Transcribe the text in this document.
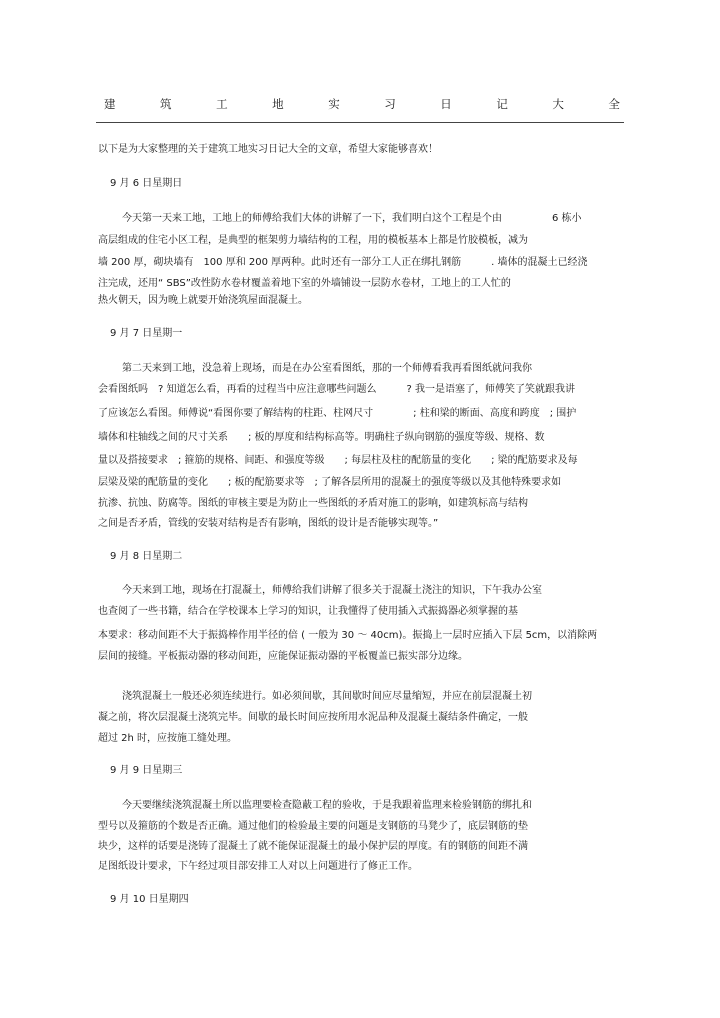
建	筑	工	地	实	习	日	记	大	全
以下是为大家整理的关于建筑工地实习日记大全的文章，希望大家能够喜欢！
9 月 6 日星期日
今天第一天来工地，工地上的师傅给我们大体的讲解了一下，我们明白这个工程是个由　　　　　6 栋小
高层组成的住宅小区工程，是典型的框架剪力墙结构的工程，用的模板基本上都是竹胶模板，减为
墙 200 厚，砌块墙有　100 厚和 200 厚两种。此时还有一部分工人正在绑扎钢筋　　　. 墙体的混凝土已经浇
注完成，还用“ SBS”改性防水卷材覆盖着地下室的外墙铺设一层防水卷材，工地上的工人忙的
热火朝天，因为晚上就要开始浇筑屋面混凝土。
9 月 7 日星期一
第二天来到工地，没急着上现场，而是在办公室看图纸，那的一个师傅看我再看图纸就问我你
会看图纸吗　? 知道怎么看，再看的过程当中应注意哪些问题么　　　? 我一是语塞了，师傅笑了笑就跟我讲
了应该怎么看图。师傅说“看图你要了解结构的柱距、柱网尺寸　　　　; 柱和梁的断面、高度和跨度　; 围护
墙体和柱轴线之间的尺寸关系　　; 板的厚度和结构标高等。明确柱子纵向钢筋的强度等级、规格、数
量以及搭接要求　; 箍筋的规格、间距、和强度等级　　; 每层柱及柱的配筋量的变化　　; 梁的配筋要求及每
层梁及梁的配筋量的变化　　; 板的配筋要求等　; 了解各层所用的混凝土的强度等级以及其他特殊要求如
抗渗、抗蚀、防腐等。图纸的审核主要是为防止一些图纸的矛盾对施工的影响，如建筑标高与结构
之间是否矛盾，管线的安装对结构是否有影响，图纸的设计是否能够实现等。”
9 月 8 日星期二
今天来到工地，现场在打混凝土，师傅给我们讲解了很多关于混凝土浇注的知识，下午我办公室
也查阅了一些书籍，结合在学校课本上学习的知识，让我懂得了使用插入式振捣器必须掌握的基
本要求：移动间距不大于振捣棒作用半径的倍 ( 一般为 30 ～ 40cm)。振捣上一层时应插入下层 5cm，以消除两
层间的接缝。平板振动器的移动间距，应能保证振动器的平板覆盖已振实部分边缘。
浇筑混凝土一般还必须连续进行。如必须间歇，其间歇时间应尽量缩短，并应在前层混凝土初
凝之前，将次层混凝土浇筑完毕。间歇的最长时间应按所用水泥品种及混凝土凝结条件确定，一般
超过 2h 时，应按施工缝处理。
9 月 9 日星期三
今天要继续浇筑混凝土所以监理要检查隐蔽工程的验收，于是我跟着监理来检验钢筋的绑扎和
型号以及箍筋的个数是否正确。通过他们的检验最主要的问题是支钢筋的马凳少了，底层钢筋的垫
块少，这样的话要是浇铸了混凝土了就不能保证混凝土的最小保护层的厚度。有的钢筋的间距不满
足图纸设计要求，下午经过项目部安排工人对以上问题进行了修正工作。
9 月 10 日星期四
